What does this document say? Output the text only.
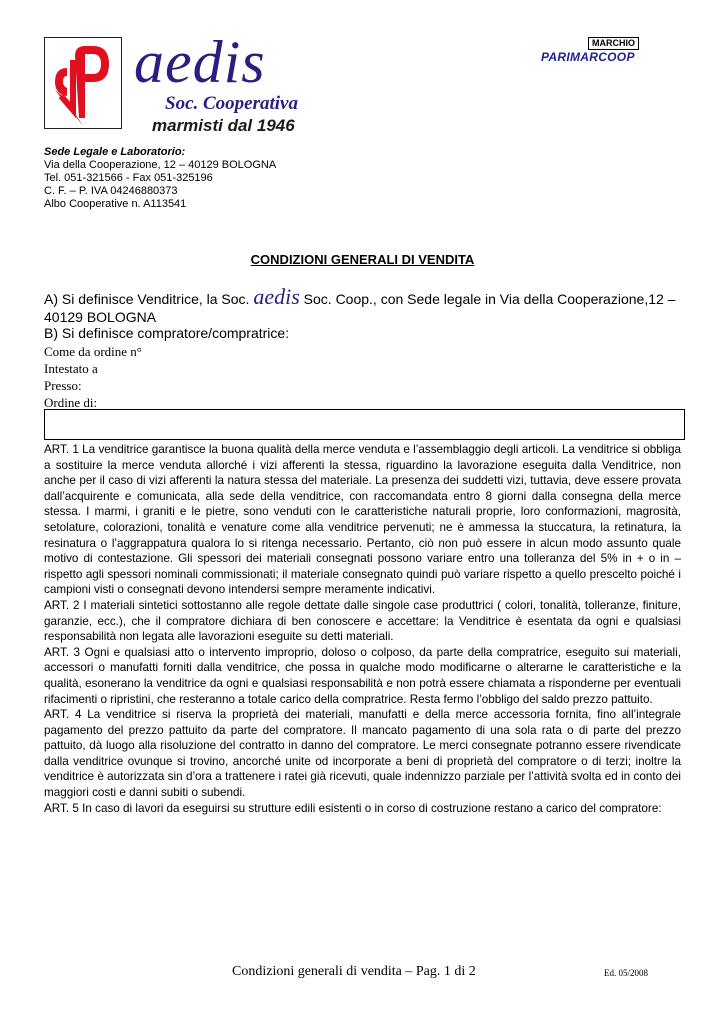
aedis
Soc. Cooperativa
marmisti dal 1946
MARCHIO
PARIMARCOOP
Sede Legale e Laboratorio:
Via della Cooperazione, 12 – 40129 BOLOGNA
Tel. 051-321566 - Fax 051-325196
C. F. – P. IVA 04246880373
Albo Cooperative n. A113541
CONDIZIONI GENERALI DI VENDITA
A) Si definisce Venditrice, la Soc. aedis Soc. Coop., con Sede legale in Via della Cooperazione,12 – 40129 BOLOGNA
B) Si definisce compratore/compratrice:
Come da ordine n°
Intestato a
Presso:
Ordine di:

ART. 1 La venditrice garantisce la buona qualità della merce venduta e l’assemblaggio degli articoli. La venditrice si obbliga a sostituire la merce venduta allorché i vizi afferenti la stessa, riguardino la lavorazione eseguita dalla Venditrice, non anche per il caso di vizi afferenti la natura stessa del materiale. La presenza dei suddetti vizi, tuttavia, deve essere provata dall’acquirente e comunicata, alla sede della venditrice, con raccomandata entro 8 giorni dalla consegna della merce stessa. I marmi, i graniti e le pietre, sono venduti con le caratteristiche naturali proprie, loro conformazioni, magrosità, setolature, colorazioni, tonalità e venature come alla venditrice pervenuti; ne è ammessa la stuccatura, la retinatura, la resinatura o l’aggrappatura qualora lo si ritenga necessario. Pertanto, ciò non può essere in alcun modo assunto quale motivo di contestazione. Gli spessori dei materiali consegnati possono variare entro una tolleranza del 5% in + o in – rispetto agli spessori nominali commissionati; il materiale consegnato quindi può variare rispetto a quello prescelto poiché i campioni visti o consegnati devono intendersi sempre meramente indicativi.

ART. 2 I materiali sintetici sottostanno alle regole dettate dalle singole case produttrici ( colori, tonalità, tolleranze, finiture, garanzie, ecc.), che il compratore dichiara di ben conoscere e accettare: la Venditrice è esentata da ogni e qualsiasi responsabilità non legata alle lavorazioni eseguite su detti materiali.

ART. 3 Ogni e qualsiasi atto o intervento improprio, doloso o colposo, da parte della compratrice, eseguito sui materiali, accessori o manufatti forniti dalla venditrice, che possa in qualche modo modificarne o alterarne le caratteristiche e la qualità, esonerano la venditrice da ogni e qualsiasi responsabilità e non potrà essere chiamata a risponderne per eventuali rifacimenti o ripristini, che resteranno a totale carico della compratrice. Resta fermo l’obbligo del saldo prezzo pattuito.

ART. 4 La venditrice si riserva la proprietà dei materiali, manufatti e della merce accessoria fornita, fino all’integrale pagamento del prezzo pattuito da parte del compratore. Il mancato pagamento di una sola rata o di parte del prezzo pattuito, dà luogo alla risoluzione del contratto in danno del compratore. Le merci consegnate potranno essere rivendicate dalla venditrice ovunque si trovino, ancorché unite od incorporate a beni di proprietà del compratore o di terzi; inoltre la venditrice è autorizzata sin d’ora a trattenere i ratei già ricevuti, quale indennizzo parziale per l’attività svolta ed in conto dei maggiori costi e danni subiti o subendi.

ART. 5 In caso di lavori da eseguirsi su strutture edili esistenti o in corso di costruzione restano a carico del compratore:

Condizioni generali di vendita – Pag. 1 di 2	Ed. 05/2008
